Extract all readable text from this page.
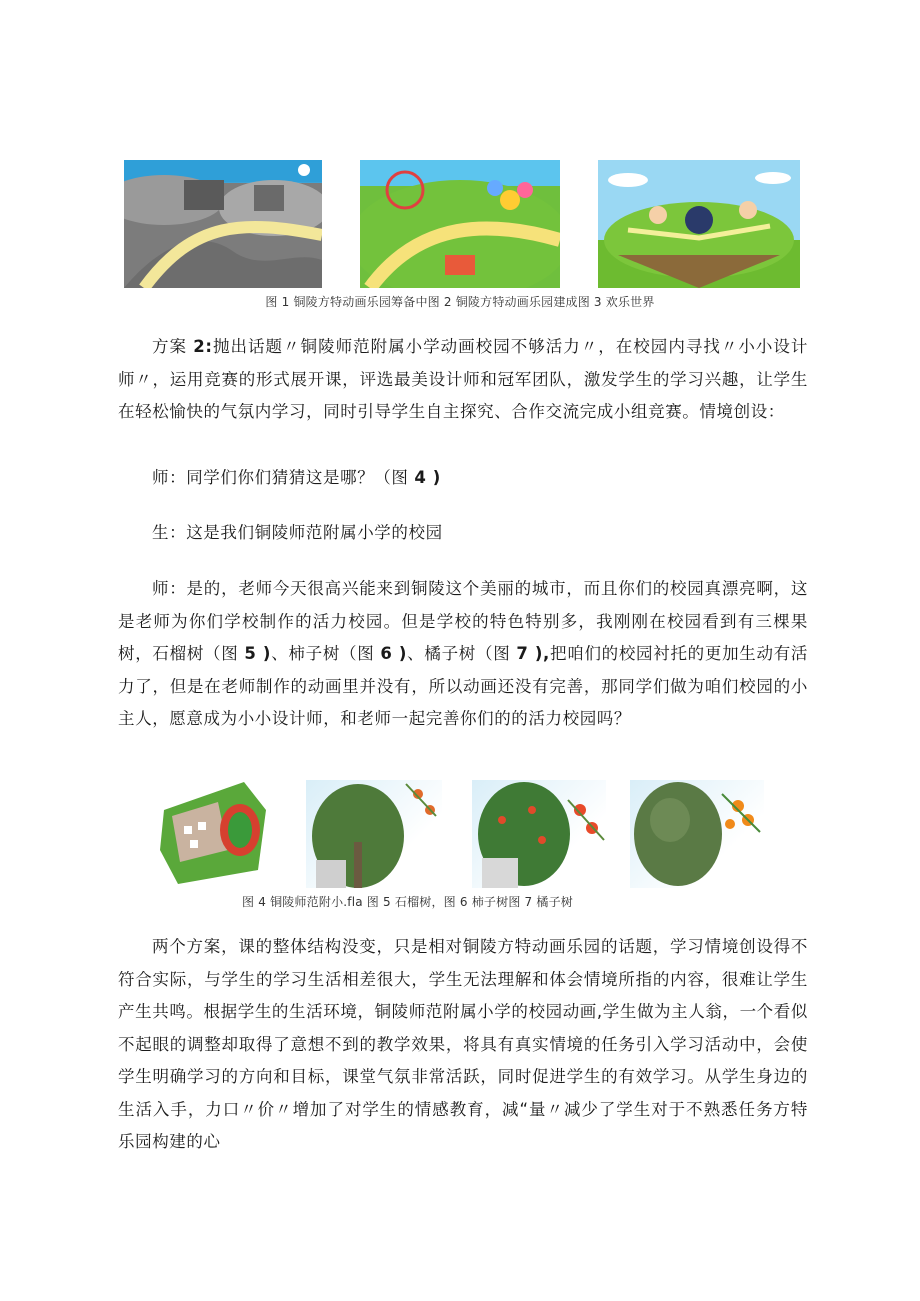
图 1 铜陵方特动画乐园筹备中图 2 铜陵方特动画乐园建成图 3 欢乐世界
方案 2:抛出话题〃铜陵师范附属小学动画校园不够活力〃，在校园内寻找〃小小设计师〃，运用竞赛的形式展开课，评选最美设计师和冠军团队，激发学生的学习兴趣，让学生在轻松愉快的气氛内学习，同时引导学生自主探究、合作交流完成小组竞赛。情境创设：
师：同学们你们猜猜这是哪？（图 4 )
生：这是我们铜陵师范附属小学的校园
师：是的，老师今天很高兴能来到铜陵这个美丽的城市，而且你们的校园真漂亮啊，这是老师为你们学校制作的活力校园。但是学校的特色特别多，我刚刚在校园看到有三棵果树，石榴树（图 5 )、柿子树（图 6 )、橘子树（图 7 ),把咱们的校园衬托的更加生动有活力了，但是在老师制作的动画里并没有，所以动画还没有完善，那同学们做为咱们校园的小主人，愿意成为小小设计师，和老师一起完善你们的的活力校园吗？
图 4 铜陵师范附小.fla 图 5 石榴树，图 6 柿子树图 7 橘子树
两个方案，课的整体结构没变，只是相对铜陵方特动画乐园的话题，学习情境创设得不符合实际，与学生的学习生活相差很大，学生无法理解和体会情境所指的内容，很难让学生产生共鸣。根据学生的生活环境，铜陵师范附属小学的校园动画,学生做为主人翁，一个看似不起眼的调整却取得了意想不到的教学效果，将具有真实情境的任务引入学习活动中，会使学生明确学习的方向和目标，课堂气氛非常活跃，同时促进学生的有效学习。从学生身边的生活入手，力口〃价〃增加了对学生的情感教育，减“量〃减少了学生对于不熟悉任务方特乐园构建的心
